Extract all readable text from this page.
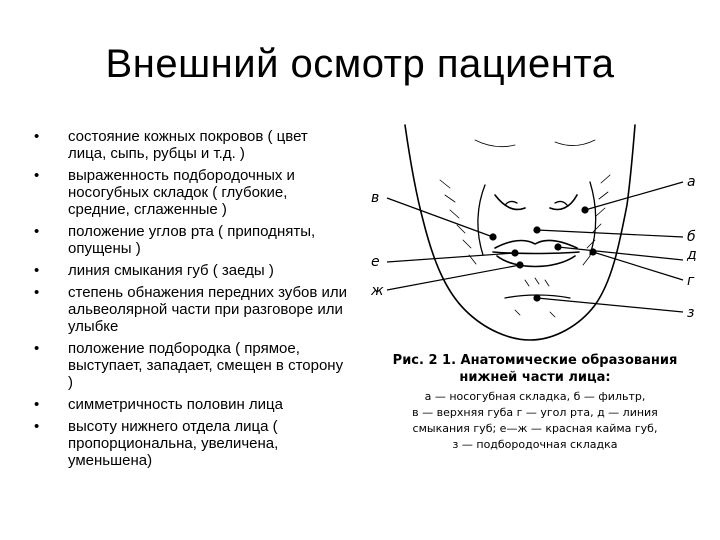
Внешний осмотр пациента
• состояние кожных покровов ( цвет лица, сыпь, рубцы и т.д. )
• выраженность подбородочных и носогубных складок ( глубокие, средние, сглаженные )
• положение углов рта ( приподняты, опущены )
• линия смыкания губ ( заеды )
• степень обнажения передних зубов или альвеолярной части при разговоре или улыбке
• положение подбородка ( прямое, выступает, западает, смещен в сторону )
• симметричность половин лица
• высоту нижнего отдела лица ( пропорциональна, увеличена, уменьшена)
а
б
в
д
г
е
ж
з
Рис. 2 1. Анатомические образования
нижней части лица:
а — носогубная складка, б — фильтр,
в — верхняя губа г — угол рта, д — линия
смыкания губ; е—ж — красная кайма губ,
з — подбородочная складка
